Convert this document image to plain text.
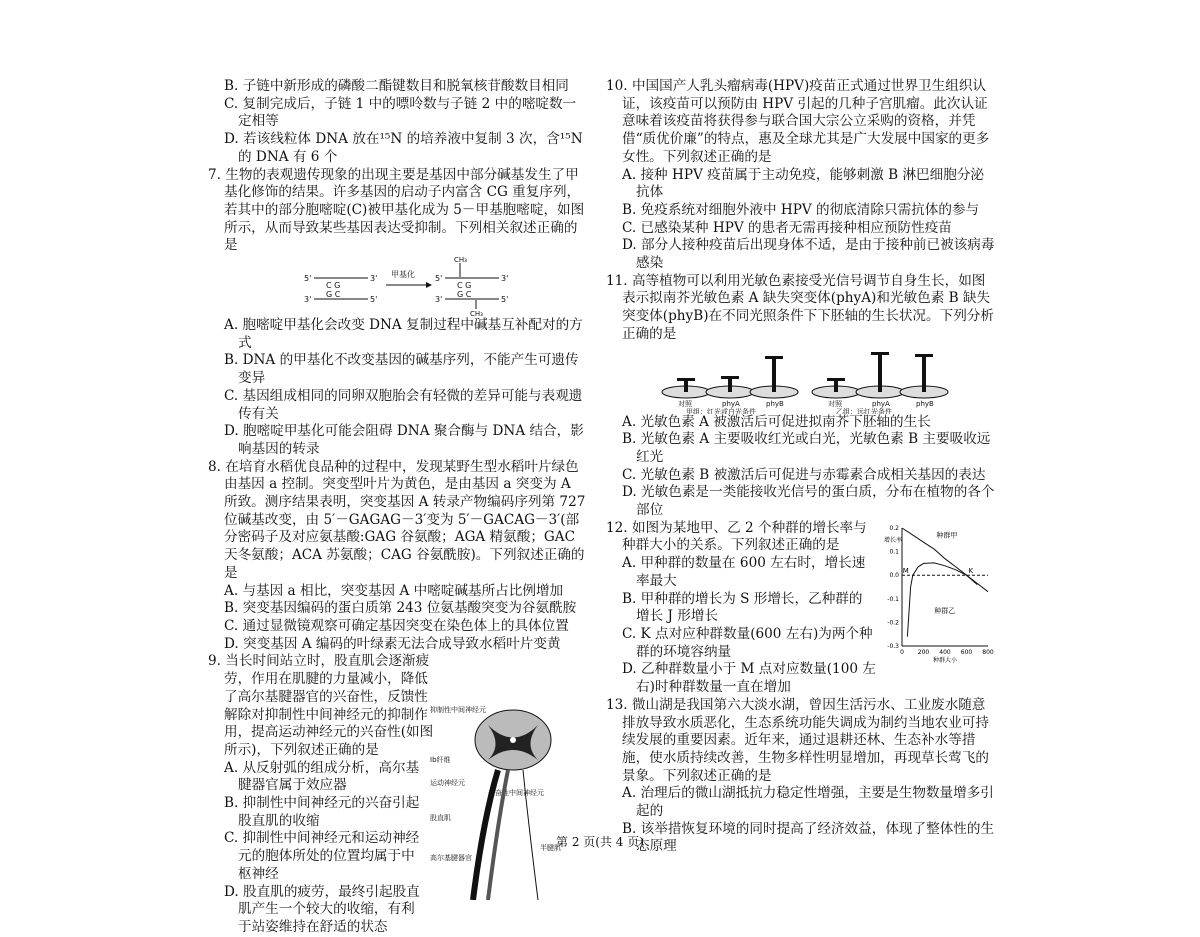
B. 子链中新形成的磷酸二酯键数目和脱氧核苷酸数目相同
C. 复制完成后，子链 1 中的嘌呤数与子链 2 中的嘧啶数一定相等
D. 若该线粒体 DNA 放在¹⁵N 的培养液中复制 3 次，含¹⁵N 的 DNA 有 6 个
7. 生物的表观遗传现象的出现主要是基因中部分碱基发生了甲基化修饰的结果。许多基因的启动子内富含 CG 重复序列，若其中的部分胞嘧啶(C)被甲基化成为 5－甲基胞嘧啶，如图所示，从而导致某些基因表达受抑制。下列相关叙述正确的是
5'	3'
C G
3'	5'
G C
甲基化	5'	3'
C G
3'	5'
G C
CH₃
CH₃
A. 胞嘧啶甲基化会改变 DNA 复制过程中碱基互补配对的方式
B. DNA 的甲基化不改变基因的碱基序列，不能产生可遗传变异
C. 基因组成相同的同卵双胞胎会有轻微的差异可能与表观遗传有关
D. 胞嘧啶甲基化可能会阻碍 DNA 聚合酶与 DNA 结合，影响基因的转录
8. 在培育水稻优良品种的过程中，发现某野生型水稻叶片绿色由基因 a 控制。突变型叶片为黄色，是由基因 a 突变为 A 所致。测序结果表明，突变基因 A 转录产物编码序列第 727 位碱基改变，由 5′－GAGAG－3′变为 5′－GACAG－3′(部分密码子及对应氨基酸:GAG 谷氨酸；AGA 精氨酸；GAC 天冬氨酸；ACA 苏氨酸；CAG 谷氨酰胺)。下列叙述正确的是
A. 与基因 a 相比，突变基因 A 中嘧啶碱基所占比例增加
B. 突变基因编码的蛋白质第 243 位氨基酸突变为谷氨酰胺
C. 通过显微镜观察可确定基因突变在染色体上的具体位置
D. 突变基因 A 编码的叶绿素无法合成导致水稻叶片变黄
9. 当长时间站立时，股直肌会逐渐疲劳，作用在肌腱的力量减小，降低了高尔基腱器官的兴奋性，反馈性解除对抑制性中间神经元的抑制作用，提高运动神经元的兴奋性(如图所示)，下列叙述正确的是
A. 从反射弧的组成分析，高尔基腱器官属于效应器
B. 抑制性中间神经元的兴奋引起股直肌的收缩
C. 抑制性中间神经元和运动神经元的胞体所处的位置均属于中枢神经
D. 股直肌的疲劳，最终引起股直肌产生一个较大的收缩，有利于站姿维持在舒适的状态
抑制性中间神经元
Ib纤维
运动神经元
兴奋性中间神经元
股直肌
高尔基腱器官
半腱肌
10. 中国国产人乳头瘤病毒(HPV)疫苗正式通过世界卫生组织认证，该疫苗可以预防由 HPV 引起的几种子宫肌瘤。此次认证意味着该疫苗将获得参与联合国大宗公立采购的资格，并凭借“质优价廉”的特点，惠及全球尤其是广大发展中国家的更多女性。下列叙述正确的是
A. 接种 HPV 疫苗属于主动免疫，能够刺激 B 淋巴细胞分泌抗体
B. 免疫系统对细胞外液中 HPV 的彻底清除只需抗体的参与
C. 已感染某种 HPV 的患者无需再接种相应预防性疫苗
D. 部分人接种疫苗后出现身体不适，是由于接种前已被该病毒感染
11. 高等植物可以利用光敏色素接受光信号调节自身生长，如图表示拟南芥光敏色素 A 缺失突变体(phyA)和光敏色素 B 缺失突变体(phyB)在不同光照条件下下胚轴的生长状况。下列分析正确的是
对照	phyA	phyB	对照	phyA	phyB
甲组：红光或白光条件	乙组：远红光条件
A. 光敏色素 A 被激活后可促进拟南芥下胚轴的生长
B. 光敏色素 A 主要吸收红光或白光，光敏色素 B 主要吸收远红光
C. 光敏色素 B 被激活后可促进与赤霉素合成相关基因的表达
D. 光敏色素是一类能接收光信号的蛋白质，分布在植物的各个部位
12. 如图为某地甲、乙 2 个种群的增长率与种群大小的关系。下列叙述正确的是
A. 甲种群的数量在 600 左右时，增长速率最大
B. 甲种群的增长为 S 形增长，乙种群的增长 J 形增长
C. K 点对应种群数量(600 左右)为两个种群的环境容纳量
D. 乙种群数量小于 M 点对应数量(100 左右)时种群数量一直在增加
0.2
0.1
0.0
-0.1
-0.2
-0.3
0 200 400 600 800
增长率
种群大小
种群甲
种群乙
M	K
13. 微山湖是我国第六大淡水湖，曾因生活污水、工业废水随意排放导致水质恶化，生态系统功能失调成为制约当地农业可持续发展的重要因素。近年来，通过退耕还林、生态补水等措施，使水质持续改善，生物多样性明显增加，再现草长莺飞的景象。下列叙述正确的是
A. 治理后的微山湖抵抗力稳定性增强，主要是生物数量增多引起的
B. 该举措恢复环境的同时提高了经济效益，体现了整体性的生态原理
第 2 页(共 4 页)
